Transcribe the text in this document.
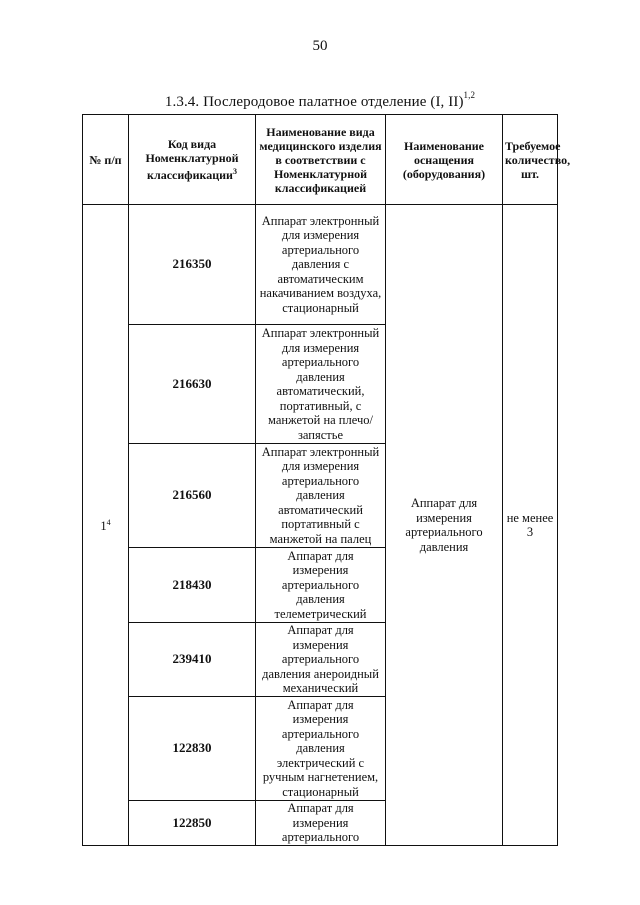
50
1.3.4. Послеродовое палатное отделение (I, II)$^{1,2}$
№ п/п	Код вида Номенклатурной классификации$^3$	Наименование вида медицинского изделия в соответствии с Номенклатурной классификацией	Наименование оснащения (оборудования)	Требуемое количество, шт.
$1^4$	216350	Аппарат электронный для измерения артериального давления с автоматическим накачиванием воздуха, стационарный	Аппарат для измерения артериального давления	не менее 3
	216630	Аппарат электронный для измерения артериального давления автоматический, портативный, с манжетой на плечо/запястье		
	216560	Аппарат электронный для измерения артериального давления автоматический портативный с манжетой на палец		
	218430	Аппарат для измерения артериального давления телеметрический		
	239410	Аппарат для измерения артериального давления анероидный механический		
	122830	Аппарат для измерения артериального давления электрический с ручным нагнетением, стационарный		
	122850	Аппарат для измерения артериального		
